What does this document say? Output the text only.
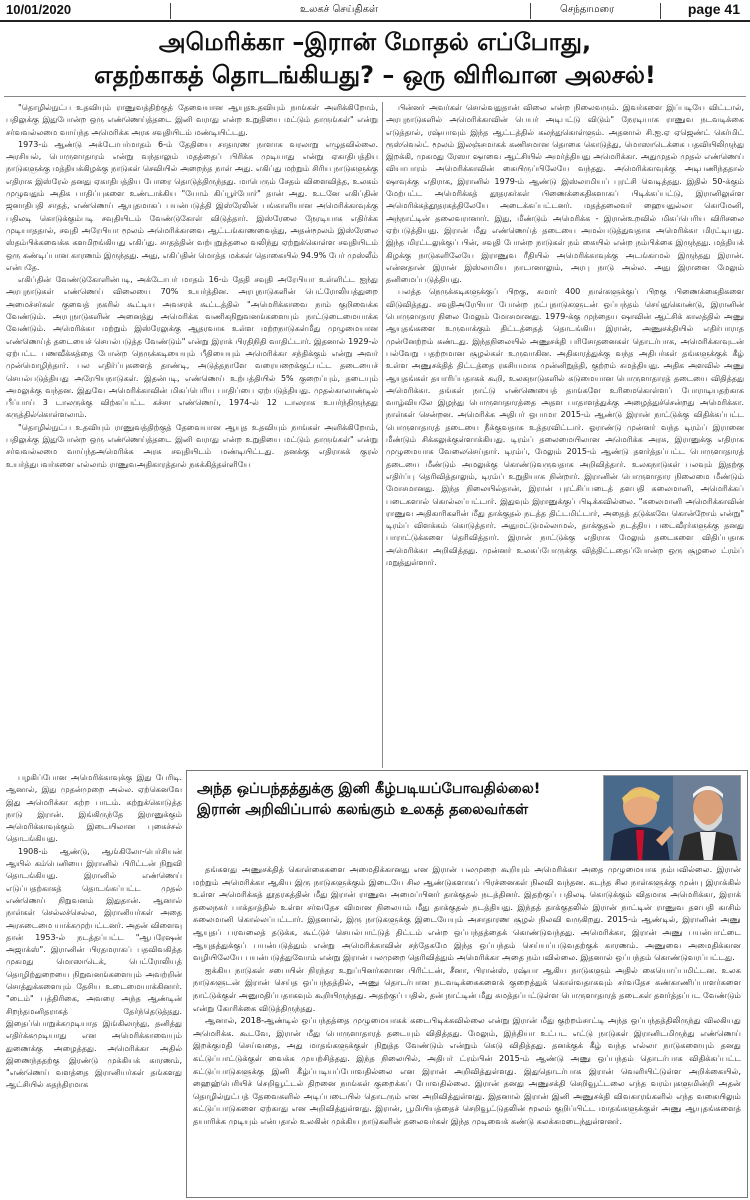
10/01/2020	உலகச் செய்திகள்	செந்தாமரை	page 41
அமெரிக்கா –இரான் மோதல் எப்போது,
எதற்காகத் தொடங்கியது? – ஒரு விரிவான அலசல்!

"தொழில்நுட்ப உதவியும் ராணுவத்திற்குத் தேவையான ஆயுதஉதவியும் நாங்கள் அளிக்கிறோம், பதிலுக்கு இதுபோன்ற ஒரு எண்ணெய்த்தடை இனி வராது என்ற உறுதியை மட்டும் தாருங்கள்" என்று சர்வவல்லமை வாய்ந்த அமெரிக்க அரசு சவுதியிடம் மண்டியிட்டது.

1973-ம் ஆண்டு அக்டோபர்மாதம் 6-ம் தேதியை சாதாரண நாளாக வரலாறு எழுதவில்லை. அரசியல், பொருளாதாரம் என்று வந்தாலும் மதத்தைப் பிரிக்க முடியாது என்று ஏகாதிபத்திய நாடுகளுக்கு மத்தியக்கிழக்கு நாடுகள் செவியில் அறைந்த நாள் அது. எகிப்து மற்றும் சிரிய நாடுகளுக்கு எதிராக இஸ்ரேல் தனது ஏகாதிபத்திய போரை தொடுத்திருந்தது. மாபெரும் சேதம் விளைவித்த, உலகம் முழுவதும் அதிக பாதிப்புகளை உண்டாக்கிய "யோம் கிப்பூர்போர்" தான் அது. உடனே எகிப்தின் ஜனாதிபதி சாதத், எண்ணெய் ஆயுதமாகப் பயன்படுத்தி இஸ்ரேலின் பங்காளியான அமெரிக்காவுக்கு பதிலடி கொடுக்கும்படி சவுதியிடம் வேண்டுகோள் விடுத்தார். இஸ்ரேலை நேரடியாக எதிர்க்க முடியாததால், சவுதி அரேபியா மூலம் அமெரிக்காவை ஆட்டங்காணவைத்து, அதன்மூலம் இஸ்ரேலை ஸ்தம்பிக்கவைக்க களமிறங்கியது எகிப்து. சாதத்தின் வற்புறுத்தலை வலிந்து ஏற்றுக்கொள்ள சவுதியிடம் ஒரு கண்டிப்பான காரணம் இருந்தது. அது, எகிப்தின் மொத்த மக்கள் தொகையில் 94.9% பேர் முஸ்லீம் என்பதே.

எகிப்தின் வேண்டுகோளின்படி, அக்டோபர் மாதம் 16-ம் தேதி சவுதி அரேபியா உள்ளிட்ட ஐந்து அரபுநாடுகள் எண்ணெய் விலையை 70% உயர்த்தின. அரபுநாடுகளின் பெட்ரோலியத்துறை அமைச்சர்கள் குவைத் நகரில் கூட்டிய அவசரக் கூட்டத்தில் "அமெரிக்காவை நாம் குறிவைக்க வேண்டும். அரபுநாடுகளின் அனைத்து அமெரிக்க வணிகநிறுவனங்களையும் நாட்டுடைமையாக்க வேண்டும். அமெரிக்கா மற்றும் இஸ்ரேலுக்கு ஆதரவாக உள்ள மற்றநாடுகள்மீது முழுமையான எண்ணெய்த் தடையைச் செயல்படுத்த வேண்டும்" என்று இராக் பிரதிநிதி வாதிட்டார். இதனால் 1929-ல் ஏற்பட்ட பணவீக்கத்தை போன்ற நெருக்கடியையும் பீதியையும் அமெரிக்கா சந்திக்கும் என்று அவர் முன்மொழிந்தார். பல எதிர்ப்புகளைத் தாண்டி, அடுத்தநாளே வரையறைக்குட்பட்ட தடையைச் செயல்படுத்தியது அரேபியநாடுகள். இதன்படி, எண்ணெய் உற்பத்தியில் 5% குறைப்பும், தடையும் அமலுக்கு வந்தன. இதுவே அமெரிக்காவின் மிகப்பெரிய பாதிப்பை ஏற்படுத்தியது. முதல்காலாண்டில் பீப்பாய் 3 டாலருக்கு விற்கப்பட்ட கச்சா எண்ணெய், 1974-ல் 12 டாலராக உயர்ந்திருந்தது கருத்தில்கொள்ளலாம்.

"தொழில்நுட்ப உதவியும் ராணுவத்திற்குத் தேவையான ஆயுத உதவியும் நாங்கள் அளிக்கிறோம், பதிலுக்கு இதுபோன்ற ஒரு எண்ணெய்த்தடை இனி வராது என்ற உறுதியை மட்டும் தாருங்கள்" என்று சர்வவல்லமை வாய்ந்தஅமெரிக்க அரசு சவுதியிடம் மண்டியிட்டது. தனக்கு எதிராகக் குரல் உயர்த்துபவர்களை எல்லாம் ராணுவஅதிகாரத்தால் நசுக்கித்தள்ளியே

பின்னர் அவர்கள் சொல்வதுதான் விலை என்ற நிலைவரும். இவர்களை இப்படியே விட்டால், அரபுநாடுகளில் அமெரிக்காவின் பெயர் அடிபட்டு விடும்" நேரடியாக ராணுவ நடவடிக்கை எடுத்தால், ரஷ்யாவும் இந்த ஆட்டத்தில் கலந்துகொள்ளும். அதனால் சி.ஐ.ஏ ஏஜெண்ட் கெர்மிட் ரூஸ்வெல்ட் மூலம் இலஞ்சமாகக் கணிசமான தொகை கொடுத்து, மொஸாடெக்கை பதவியிலிருந்து இறக்கி, முகமது ரேஸா ஷாவை ஆட்சியில் அமர்த்தியது அமெரிக்கா. அதுமுதல் முதல் எண்ணெய் வியாபாரம் அமெரிக்காவின் கையிருப்பிலேயே வந்தது. அமெரிக்காவுக்கு அடிபணிந்ததால் ஷாவுக்கு எதிராக, இரானில் 1979-ம் ஆண்டு இஸ்லாமியப் புரட்சி வெடித்தது. இதில் 50-க்கும் மேற்பட்ட அமெரிக்கத் தூதரகர்கள் பிணைக்கைதிகளாகப் பிடிக்கப்பட்டு, இரானிலுள்ள அமெரிக்கத்தூதரகத்திலேயே அடைக்கப்பட்டனர். மதத்தலைவர் ஹையதுல்லா கொமேனி, அந்நாட்டின் தலைவரானார். இது, மீண்டும் அமெரிக்க - இரான்உறவில் மிகப்பெரிய விரிசலை ஏற்படுத்தியது. இரான் மீது எண்ணெய்த் தடையை அமல்படுத்துவதாக அமெரிக்கா மிரட்டியது. இந்த மிரட்டலுக்குப் பின், சவுதி போன்ற நாடுகள் நம் கையில் என்ற நம்பிக்கை இருந்தது. மத்தியக் கிழக்கு நாடுகளிலேயே இராணுவ ரீதியில் அமெரிக்காவுக்கு அடங்காமல் இருந்தது இரான். என்னதான் இரான் இஸ்லாமிய நாடானாலும், அரபு நாடு அல்ல. அது இரானை மேலும் தனிமைப்படுத்தியது.

பலத்த நெருக்கடிகளுக்குப் பிறகு, சுமார் 400 நாள்களுக்குப் பிறகு பிணைக்கைதிகளை விடுவித்தது. சவுதிஅரேபியா போன்ற நட்புநாடுகளுடன் ஒப்பந்தம் செய்துகொண்டு, இரானின் பொருளாதார நிலை மேலும் மோசமானது. 1979-க்கு முந்தைய ஷாவின் ஆட்சிக் காலத்தில் அணு ஆயுதங்களை உருவாக்கும் திட்டத்தைத் தொடங்கிய இரான், அணுசக்தியில் எதிர்பாராத முன்னேற்றம் கண்டது. இந்தநிலையில் அணுசக்தி பரிசோதனைகள் தொடர்பாக, அமெரிக்காவுடன் பல்வேறு பதற்றமான சூழல்கள் உருவாகின. அதிகாரத்துக்கு வந்த அதிபர்கள் தங்களுக்குக் கீழ் உள்ள அணுசக்தித் திட்டத்தை ரகசியமாக முன்னிறுத்தி, குற்றம் சுமத்தியது. அதிக அளவில் அணு ஆயுதங்கள் தயாரிப்பதாகக் கூறி, உலகநாடுகளில் கடுமையான பொருளாதாரத் தடையை விதித்தது அமெரிக்கா. தங்கள் நாட்டு எண்ணெயைத் தாங்களே உரிமைகொள்ளப் போராடியதற்காக வாழ்வியலே இழந்து பொருளாதாரத்தை அதள பாதாளத்துக்கு அழைத்துச்சென்றது அமெரிக்கா. நாள்கள் சென்றன. அமெரிக்க அதிபர் ஒபாமா 2015-ம் ஆண்டு இரான் நாட்டுக்கு விதிக்கப்பட்ட பொருளாதாரத் தடையை நீக்குவதாக உத்தரவிட்டார். ஓராண்டு முன்னர் வந்த டிரம்ப் இரானை மீண்டும் சிக்கலுக்குள்ளாக்கியது. டிரம்ப் தலைமையிலான அமெரிக்க அரசு, இரானுக்கு எதிராக முழுமையாக வேலைசெய்தார். டிரம்ப், மேலும் 2015-ம் ஆண்டு தளர்த்தப்பட்ட பொருளாதாரத் தடையை மீண்டும் அமலுக்கு கொண்டுவருவதாக அறிவித்தார். உலகநாடுகள் பலவும் இதற்கு எதிர்ப்பு தெரிவித்தாலும், டிரம்ப் உறுதியாக நின்றார். இரானின் பொருளாதார நிலைமை மீண்டும் மோசமானது. இந்த நிலையில்தான், இரான் புரட்சிப்படைத் தளபதி சுலைமானி, அமெரிக்கப் படைகளால் கொல்லப்பட்டார். இதுவும் இரானுக்குப் பிடிக்கவில்லை. "சுலைமானி அமெரிக்காவின் ராணுவ அதிகாரிகளின் மீது தாக்குதல் நடத்த திட்டமிட்டார், அதைத் தடுக்கவே கொன்றோம் என்று" டிரம்ப் விளக்கம் கொடுத்தார். அதுமட்டுமல்லாமல், தாக்குதல் நடத்திய படைவீரர்களுக்கு தனது பாராட்டுக்களை தெரிவித்தார். இரான் நாட்டுக்கு எதிராக மேலும் தடைகளை விதிப்பதாக அமெரிக்கா அறிவித்தது. முன்னர் உலகப்போருக்கு வித்திட்டதைப்போன்ற ஒரு சூழலை ட்ரம்ப் மறுத்துள்ளார்.

பழகிப்போன அமெரிக்காவுக்கு இது பேரிடி. ஆனால், இது முதன்முறை அல்ல. ஏற்கெனவே இது அமெரிக்கா கற்ற பாடம். கற்றுக்கொடுத்த நாடு இரான். இங்கிருந்தே இரானுக்கும் அமெரிக்காவுக்கும் இடையிலான புகைச்சல் தொடங்கியது.

1908-ம் ஆண்டு, ஆங்கிலோ-பெர்சியன் ஆயில் கம்பெனியை இரானில் பிரிட்டன் நிறுவி தொடங்கியது. இரானில் எண்ணெய் எடுப்பதற்காகத் தொடங்கப்பட்ட முதல் எண்ணெய் நிறுவனம் இதுதான். ஆனால் நாள்கள் செல்லச்செல்ல, இரானியர்கள் அதை அரசுடைமை யாக்கமுற்பட்டனர். அதன் விளைவு தான் 1953-ல் நடத்தப்பட்ட "ஆபரேஷன் அஜாக்ஸ்". இரானின் பிரதமராகப் பதவிவகித்த முகமது மொஸாடெக், பெட்ரோலியத் தொழிற்துறையை நிறுவனங்களையும் அவற்றின் சொத்துக்களையும் தேசிய உடைமையாக்கினார். "டைம்" பத்திரிகை, அவரை அந்த ஆண்டின் சிறந்தமனிதராகத் தேர்ந்தெடுத்தது. இதைப்பொறுக்கமுடியாத இங்கிலாந்து, தனித்து எதிர்க்கமுடியாது என அமெரிக்காவையும் துணைக்கு அழைத்தது. அமெரிக்கா அதில் இணைந்ததற்கு இரண்டு முக்கியக் காரணம், "எண்ணெய் வளத்தை இரானியர்கள் தங்களது ஆட்சியில் சுதந்திரமாக

அந்த ஒப்பந்தத்துக்கு இனி கீழ்படியப்போவதில்லை!
இரான் அறிவிப்பால் கலங்கும் உலகத் தலைவர்கள்

தங்களது அணுசக்தித் கொள்கைகளை அமைதிக்கானது என இரான் பலமுறை கூறியும் அமெரிக்கா அதை முழுமையாக நம்பவில்லை. இரான் மற்றும் அமெரிக்கா ஆகிய இரு நாடுகளுக்கும் இடையே சில ஆண்டுகளாகப் பிரச்னைகள் நிலவி வந்தன. கடந்த சில நாள்களுக்கு முன்பு இராக்கில் உள்ள அமெரிக்கத் தூதரகத்தின் மீது இரான் ராணுவ அமைப்பினர் தாக்குதல் நடத்தினர். இதற்குப் பதிலடி கொடுக்கும் விதமாக அமெரிக்கா, இராக் தலைநகர் பாக்தாத்தில் உள்ள சர்வதேச விமான நிலையம் மீது தாக்குதல் நடத்தியது. இந்தத் தாக்குதலில் இரான் நாட்டின் ராணுவ தளபதி காசிம் சுலைமானி கொல்லப்பட்டார். இதனால், இரு நாடுகளுக்கு இடையேயும் அசாதாரண சூழல் நிலவி வருகிறது. 2015-ம் ஆண்டில், இரானின் அணு ஆயுதப் பரவலைத் தடுக்க, கூட்டுச் செயல்பாட்டுத் திட்டம் என்ற ஒப்பந்தத்தைக் கொண்டுவந்தது. அமெரிக்கா, இரான் அணு பயன்பாட்டை ஆயுதத்துக்குப் பயன்படுத்தும் என்று அமெரிக்காவின் சந்தேகமே இந்த ஒப்பந்தம் செய்யப்படுவதற்குக் காரணம். அணுவை அமைதிக்கான வழியிலேயே பயன்படுத்துவோம் என்று இரான் பலமுறை தெரிவித்தும் அமெரிக்கா அதை நம்பவில்லை. இதனால் ஒப்பந்தம் கொண்டுவரப்பட்டது.

ஐக்கிய நாடுகள் சபையின் நிரந்தர உறுப்பினர்களான பிரிட்டன், சீனா, பிரான்ஸ், ரஷ்யா ஆகிய நாடுகளும் அதில் கையொப்பமிட்டன. உலக நாடுகளுடன் இரான் செய்த ஒப்பந்தத்தில், அணு தொடர்பான நடவடிக்கைகளைக் குறைத்துக் கொள்வதாகவும் சர்வதேச கண்காணிப்பாளர்களை நாட்டுக்குள் அனுமதிப்பதாகவும் கூறியிருந்தது. அதற்குப் பதில், தன் நாட்டின் மீது சுமத்தப்பட்டுள்ள பொருளாதாரத் தடைகள் தளர்த்தப்பட வேண்டும் என்று கோரிக்கை விடுத்திருந்தது.

ஆனால், 2018-ஆண்டில் ஒப்பந்தத்தை முழுமையாகக் கடைபிடிக்கவில்லை என்று இரான் மீது குற்றம்சாட்டி அந்த ஒப்பந்தத்திலிருந்து விலகியது அமெரிக்க. கூடவே, இரான் மீது பொருளாதாரத் தடையும் விதித்தது. மேலும், இந்தியா உட்பட எட்டு நாடுகள் இரானிடமிருந்து எண்ணெய் இறக்குமதி செய்வதை, அது மாதங்களுக்குள் நிறுத்த வேண்டும் என்றும் கெடு விதித்தது. தனக்குக் கீழ் வந்த எல்லா நாடுகளையும் தனது கட்டுப்பாட்டுக்குள் வைக்க முயற்சித்தது. இந்த நிலையில், அதிபர் ட்ரம்பின் 2015-ம் ஆண்டு அணு ஒப்பந்தம் தொடர்பாக விதிக்கப்பட்ட கட்டுப்பாடுகளுக்கு இனி கீழ்ப்படியப்போவதில்லை என இரான் அறிவித்துள்ளது. இதுதொடர்பாக இரான் வெளியிட்டுள்ள அறிக்கையில், ஹைஹ்பெரியிச் செறிவூட்டல் திறனை நாங்கள் குறைக்கப் போவதில்லை. இரான் தனது அணுசக்தி செறிவூட்டலை எந்த வரம்புகளுமின்றி அதன் தொழில்நுட்பத் தேவைகளில் அடிப்படையில் தொடரும் என அறிவித்துள்ளது. இதனால் இரான் இனி அணுசக்தி விவகாரங்களில் எந்த வகையிலும் கட்டுப்பாடுகளை ஏற்காது என அறிவித்துள்ளது. இரான், பூமியியத்தைச் செறிவூட்டுதலின் மூலம் குறிப்பிட்ட மாதங்களுக்குள் அணு ஆயுதங்களைத் தயாரிக்க முடியும் என்பதால் உலகின் முக்கிய நாடுகளின் தலைவர்கள் இந்த முடிவைக் கண்டு கலக்கமடைந்துள்ளனர்.
